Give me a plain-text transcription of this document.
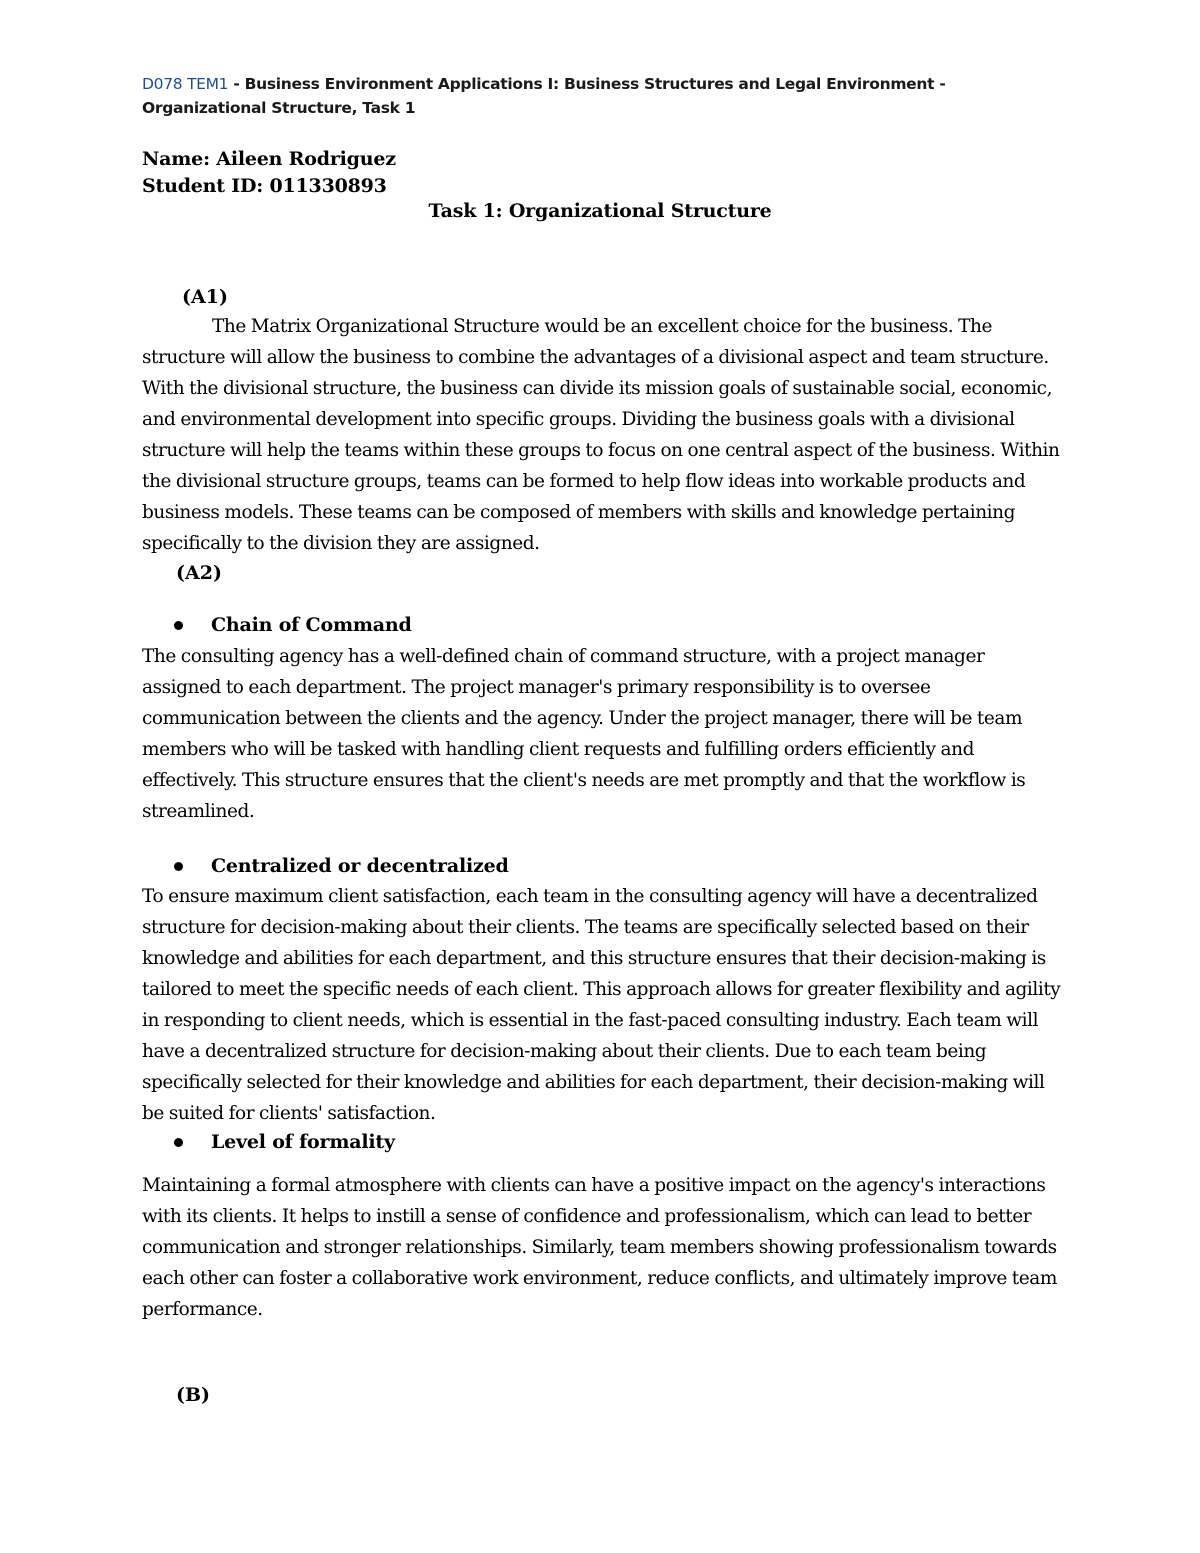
D078 TEM1 - Business Environment Applications I: Business Structures and Legal Environment - Organizational Structure, Task 1
Name: Aileen Rodriguez
Student ID: 011330893
Task 1: Organizational Structure
(A1)
The Matrix Organizational Structure would be an excellent choice for the business. The structure will allow the business to combine the advantages of a divisional aspect and team structure. With the divisional structure, the business can divide its mission goals of sustainable social, economic, and environmental development into specific groups. Dividing the business goals with a divisional structure will help the teams within these groups to focus on one central aspect of the business. Within the divisional structure groups, teams can be formed to help flow ideas into workable products and business models. These teams can be composed of members with skills and knowledge pertaining specifically to the division they are assigned.
(A2)
Chain of Command
The consulting agency has a well-defined chain of command structure, with a project manager assigned to each department. The project manager's primary responsibility is to oversee communication between the clients and the agency. Under the project manager, there will be team members who will be tasked with handling client requests and fulfilling orders efficiently and effectively. This structure ensures that the client's needs are met promptly and that the workflow is streamlined.
Centralized or decentralized
To ensure maximum client satisfaction, each team in the consulting agency will have a decentralized structure for decision-making about their clients. The teams are specifically selected based on their knowledge and abilities for each department, and this structure ensures that their decision-making is tailored to meet the specific needs of each client. This approach allows for greater flexibility and agility in responding to client needs, which is essential in the fast-paced consulting industry. Each team will have a decentralized structure for decision-making about their clients. Due to each team being specifically selected for their knowledge and abilities for each department, their decision-making will be suited for clients' satisfaction.
Level of formality
Maintaining a formal atmosphere with clients can have a positive impact on the agency's interactions with its clients. It helps to instill a sense of confidence and professionalism, which can lead to better communication and stronger relationships. Similarly, team members showing professionalism towards each other can foster a collaborative work environment, reduce conflicts, and ultimately improve team performance.
(B)
